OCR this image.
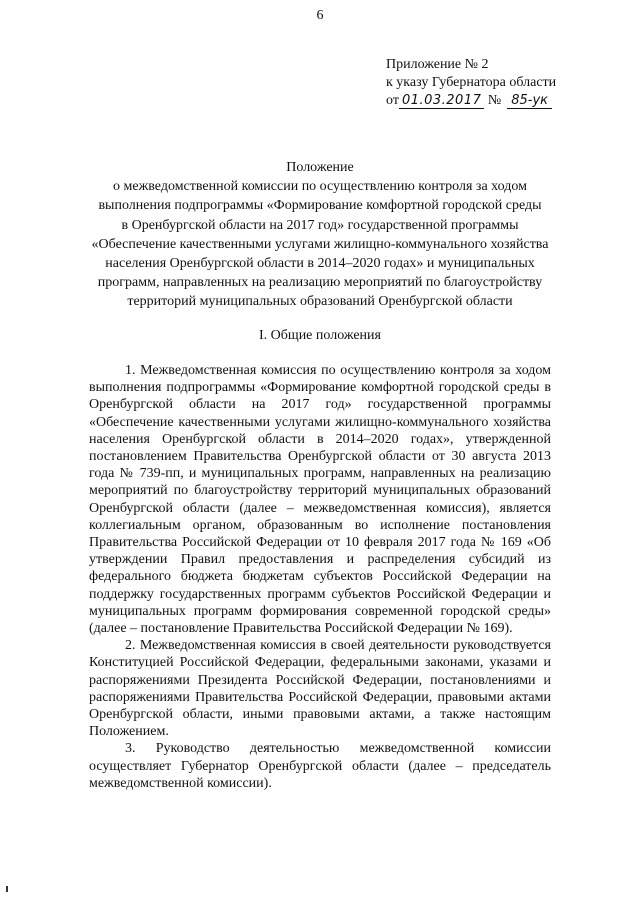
6
Приложение № 2
к указу Губернатора области
от 01.03.2017 № 85-ук
Положение
о межведомственной комиссии по осуществлению контроля за ходом
выполнения подпрограммы «Формирование комфортной городской среды
в Оренбургской области на 2017 год» государственной программы
«Обеспечение качественными услугами жилищно-коммунального хозяйства
населения Оренбургской области в 2014–2020 годах» и муниципальных
программ, направленных на реализацию мероприятий по благоустройству
территорий муниципальных образований Оренбургской области
I. Общие положения

1. Межведомственная комиссия по осуществлению контроля за ходом выполнения подпрограммы «Формирование комфортной городской среды в Оренбургской области на 2017 год» государственной программы «Обеспечение качественными услугами жилищно-коммунального хозяйства населения Оренбургской области в 2014–2020 годах», утвержденной постановлением Правительства Оренбургской области от 30 августа 2013 года № 739-пп, и муниципальных программ, направленных на реализацию мероприятий по благоустройству территорий муниципальных образований Оренбургской области (далее – межведомственная комиссия), является коллегиальным органом, образованным во исполнение постановления Правительства Российской Федерации от 10 февраля 2017 года № 169 «Об утверждении Правил предоставления и распределения субсидий из федерального бюджета бюджетам субъектов Российской Федерации на поддержку государственных программ субъектов Российской Федерации и муниципальных программ формирования современной городской среды» (далее – постановление Правительства Российской Федерации № 169).

2. Межведомственная комиссия в своей деятельности руководствуется Конституцией Российской Федерации, федеральными законами, указами и распоряжениями Президента Российской Федерации, постановлениями и распоряжениями Правительства Российской Федерации, правовыми актами Оренбургской области, иными правовыми актами, а также настоящим Положением.

3. Руководство деятельностью межведомственной комиссии осуществляет Губернатор Оренбургской области (далее – председатель межведомственной комиссии).
